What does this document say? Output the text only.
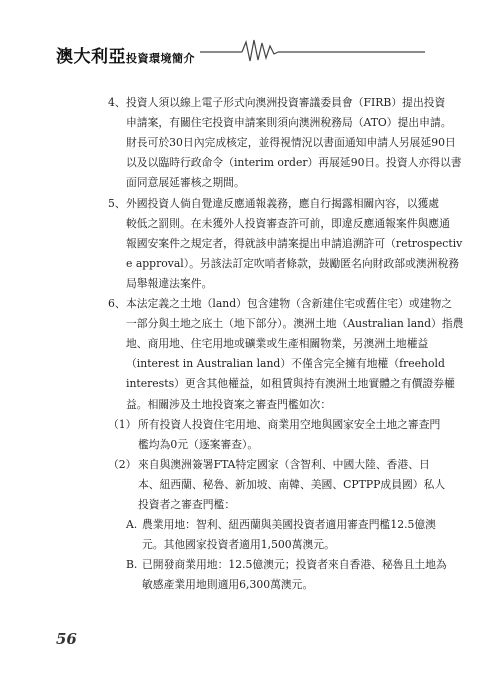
澳大利亞投資環境簡介
4、 投資人須以線上電子形式向澳洲投資審議委員會（FIRB）提出投資
申請案，有關住宅投資申請案則須向澳洲稅務局（ATO）提出申請。
財長可於30日內完成核定，並得視情況以書面通知申請人另展延90日
以及以臨時行政命令（interim order）再展延90日。投資人亦得以書
面同意展延審核之期間。
5、 外國投資人倘自覺違反應通報義務，應自行揭露相關內容，以獲處
較低之罰則。在未獲外人投資審查許可前，即違反應通報案件與應通
報國安案件之規定者，得就該申請案提出申請追溯許可（retrospectiv
e approval）。另該法訂定吹哨者條款，鼓勵匿名向財政部或澳洲稅務
局舉報違法案件。
6、 本法定義之土地（land）包含建物（含新建住宅或舊住宅）或建物之
一部分與土地之底土（地下部分）。澳洲土地（Australian land）指農
地、商用地、住宅用地或礦業或生產相關物業，另澳洲土地權益
（interest in Australian land）不僅含完全擁有地權（freehold
interests）更含其他權益，如租賃與持有澳洲土地實體之有價證券權
益。相關涉及土地投資案之審查門檻如次：
（1） 所有投資人投資住宅用地、商業用空地與國家安全土地之審查門
檻均為0元（逐案審查）。
（2） 來自與澳洲簽署FTA特定國家（含智利、中國大陸、香港、日
本、紐西蘭、秘魯、新加坡、南韓、美國、CPTPP成員國）私人
投資者之審查門檻：
A. 農業用地：智利、紐西蘭與美國投資者適用審查門檻12.5億澳
元。其他國家投資者適用1,500萬澳元。
B. 已開發商業用地：12.5億澳元；投資者來自香港、秘魯且土地為
敏感產業用地則適用6,300萬澳元。
56
